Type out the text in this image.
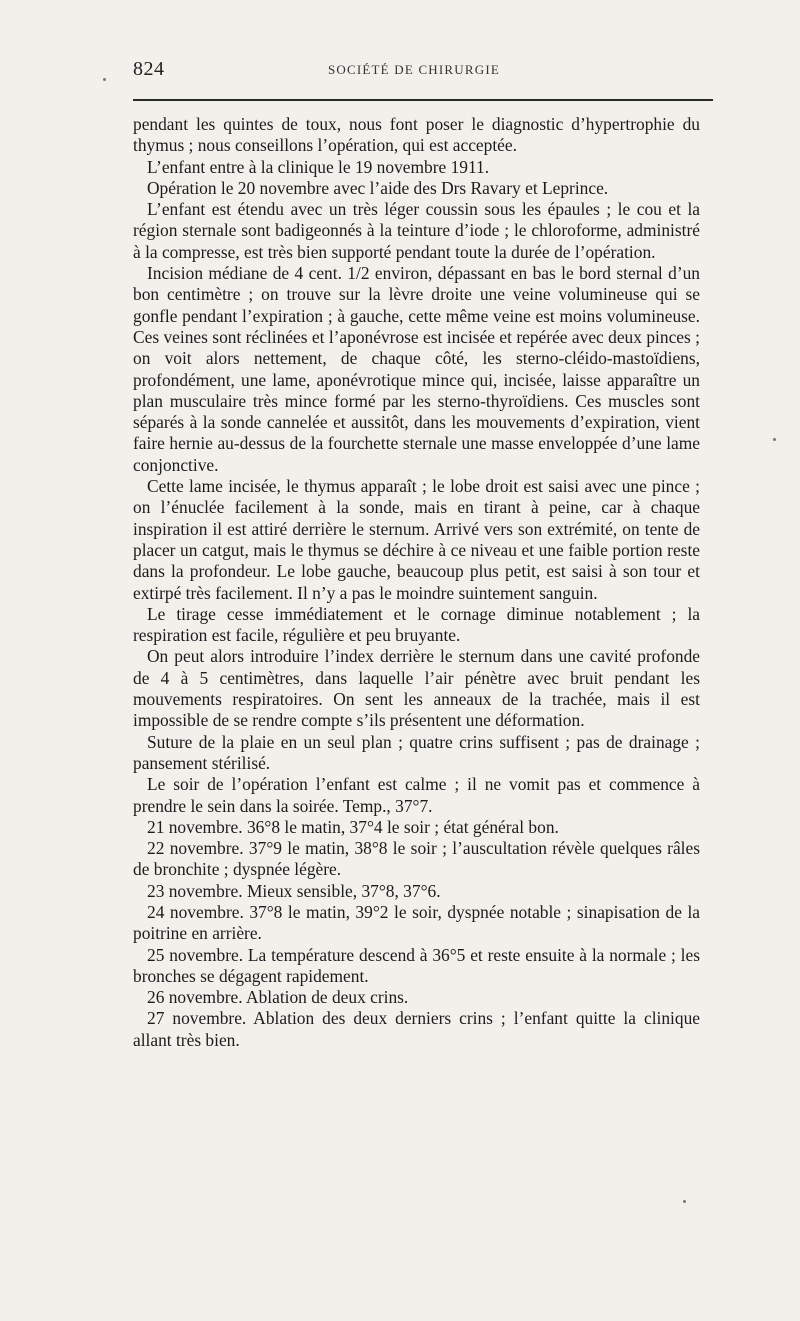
824	SOCIÉTÉ DE CHIRURGIE

pendant les quintes de toux, nous font poser le diagnostic d’hypertrophie du thymus ; nous conseillons l’opération, qui est acceptée.

L’enfant entre à la clinique le 19 novembre 1911.

Opération le 20 novembre avec l’aide des Drs Ravary et Leprince.

L’enfant est étendu avec un très léger coussin sous les épaules ; le cou et la région sternale sont badigeonnés à la teinture d’iode ; le chloroforme, administré à la compresse, est très bien supporté pendant toute la durée de l’opération.

Incision médiane de 4 cent. 1/2 environ, dépassant en bas le bord sternal d’un bon centimètre ; on trouve sur la lèvre droite une veine volumineuse qui se gonfle pendant l’expiration ; à gauche, cette même veine est moins volumineuse. Ces veines sont réclinées et l’aponévrose est incisée et repérée avec deux pinces ; on voit alors nettement, de chaque côté, les sterno-cléido-mastoïdiens, profondément, une lame, aponévrotique mince qui, incisée, laisse apparaître un plan musculaire très mince formé par les sterno-thyroïdiens. Ces muscles sont séparés à la sonde cannelée et aussitôt, dans les mouvements d’expiration, vient faire hernie au-dessus de la fourchette sternale une masse enveloppée d’une lame conjonctive.

Cette lame incisée, le thymus apparaît ; le lobe droit est saisi avec une pince ; on l’énuclée facilement à la sonde, mais en tirant à peine, car à chaque inspiration il est attiré derrière le sternum. Arrivé vers son extrémité, on tente de placer un catgut, mais le thymus se déchire à ce niveau et une faible portion reste dans la profondeur. Le lobe gauche, beaucoup plus petit, est saisi à son tour et extirpé très facilement. Il n’y a pas le moindre suintement sanguin.

Le tirage cesse immédiatement et le cornage diminue notablement ; la respiration est facile, régulière et peu bruyante.

On peut alors introduire l’index derrière le sternum dans une cavité profonde de 4 à 5 centimètres, dans laquelle l’air pénètre avec bruit pendant les mouvements respiratoires. On sent les anneaux de la trachée, mais il est impossible de se rendre compte s’ils présentent une déformation.

Suture de la plaie en un seul plan ; quatre crins suffisent ; pas de drainage ; pansement stérilisé.

Le soir de l’opération l’enfant est calme ; il ne vomit pas et commence à prendre le sein dans la soirée. Temp., 37°7.

21 novembre. 36°8 le matin, 37°4 le soir ; état général bon.

22 novembre. 37°9 le matin, 38°8 le soir ; l’auscultation révèle quelques râles de bronchite ; dyspnée légère.

23 novembre. Mieux sensible, 37°8, 37°6.

24 novembre. 37°8 le matin, 39°2 le soir, dyspnée notable ; sinapisation de la poitrine en arrière.

25 novembre. La température descend à 36°5 et reste ensuite à la normale ; les bronches se dégagent rapidement.

26 novembre. Ablation de deux crins.

27 novembre. Ablation des deux derniers crins ; l’enfant quitte la clinique allant très bien.
